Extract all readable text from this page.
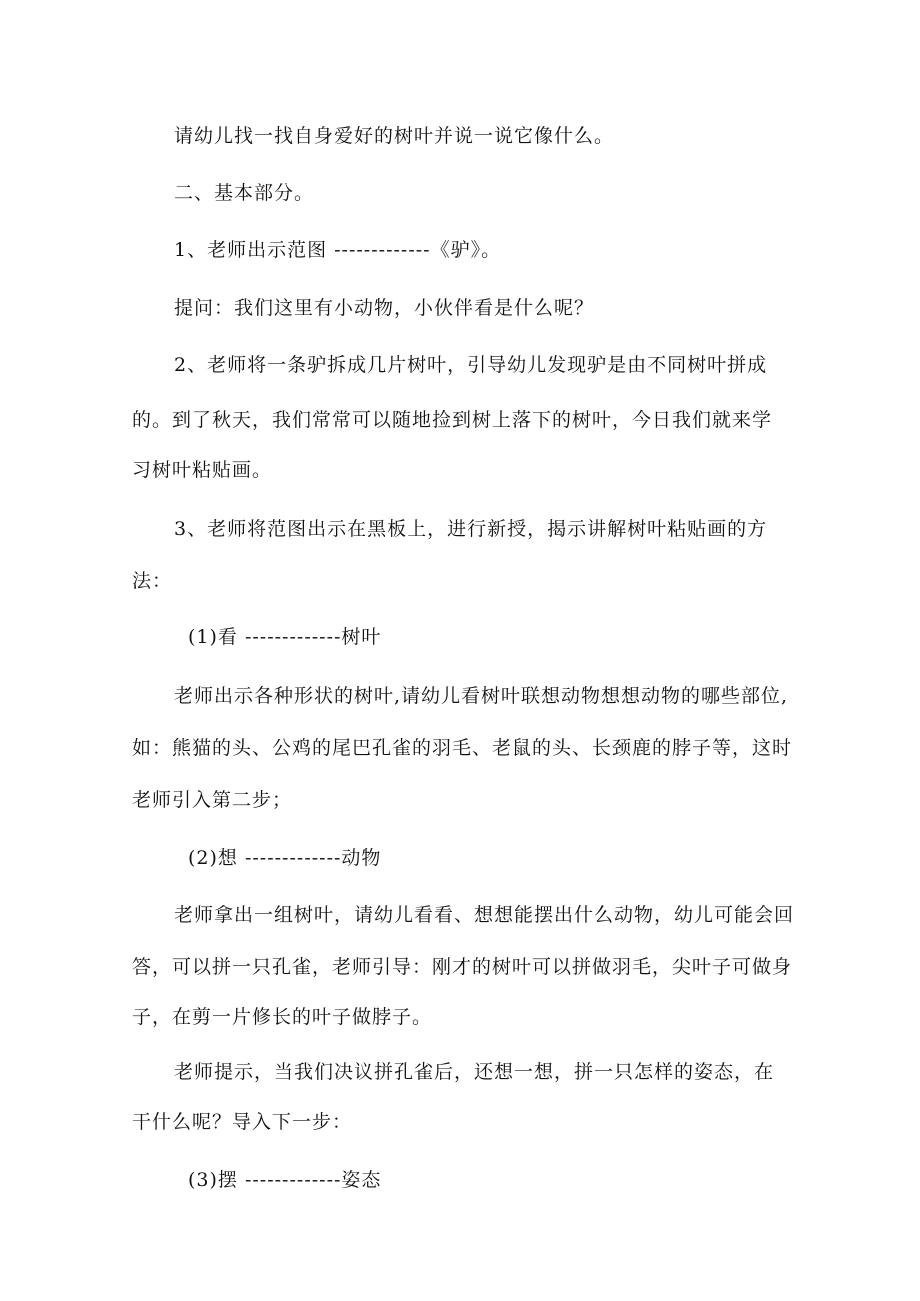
请幼儿找一找自身爱好的树叶并说一说它像什么。
二、基本部分。
1、老师出示范图 -------------《驴》。
提问：我们这里有小动物，小伙伴看是什么呢？
2、老师将一条驴拆成几片树叶，引导幼儿发现驴是由不同树叶拼成
的。到了秋天，我们常常可以随地捡到树上落下的树叶，今日我们就来学
习树叶粘贴画。
3、老师将范图出示在黑板上，进行新授，揭示讲解树叶粘贴画的方
法：
(1)看 -------------树叶
老师出示各种形状的树叶,请幼儿看树叶联想动物想想动物的哪些部位,
如：熊猫的头、公鸡的尾巴孔雀的羽毛、老鼠的头、长颈鹿的脖子等，这时
老师引入第二步；
(2)想 -------------动物
老师拿出一组树叶，请幼儿看看、想想能摆出什么动物，幼儿可能会回
答，可以拼一只孔雀，老师引导：刚才的树叶可以拼做羽毛，尖叶子可做身
子，在剪一片修长的叶子做脖子。
老师提示，当我们决议拼孔雀后，还想一想，拼一只怎样的姿态，在
干什么呢？导入下一步：
(3)摆 -------------姿态
